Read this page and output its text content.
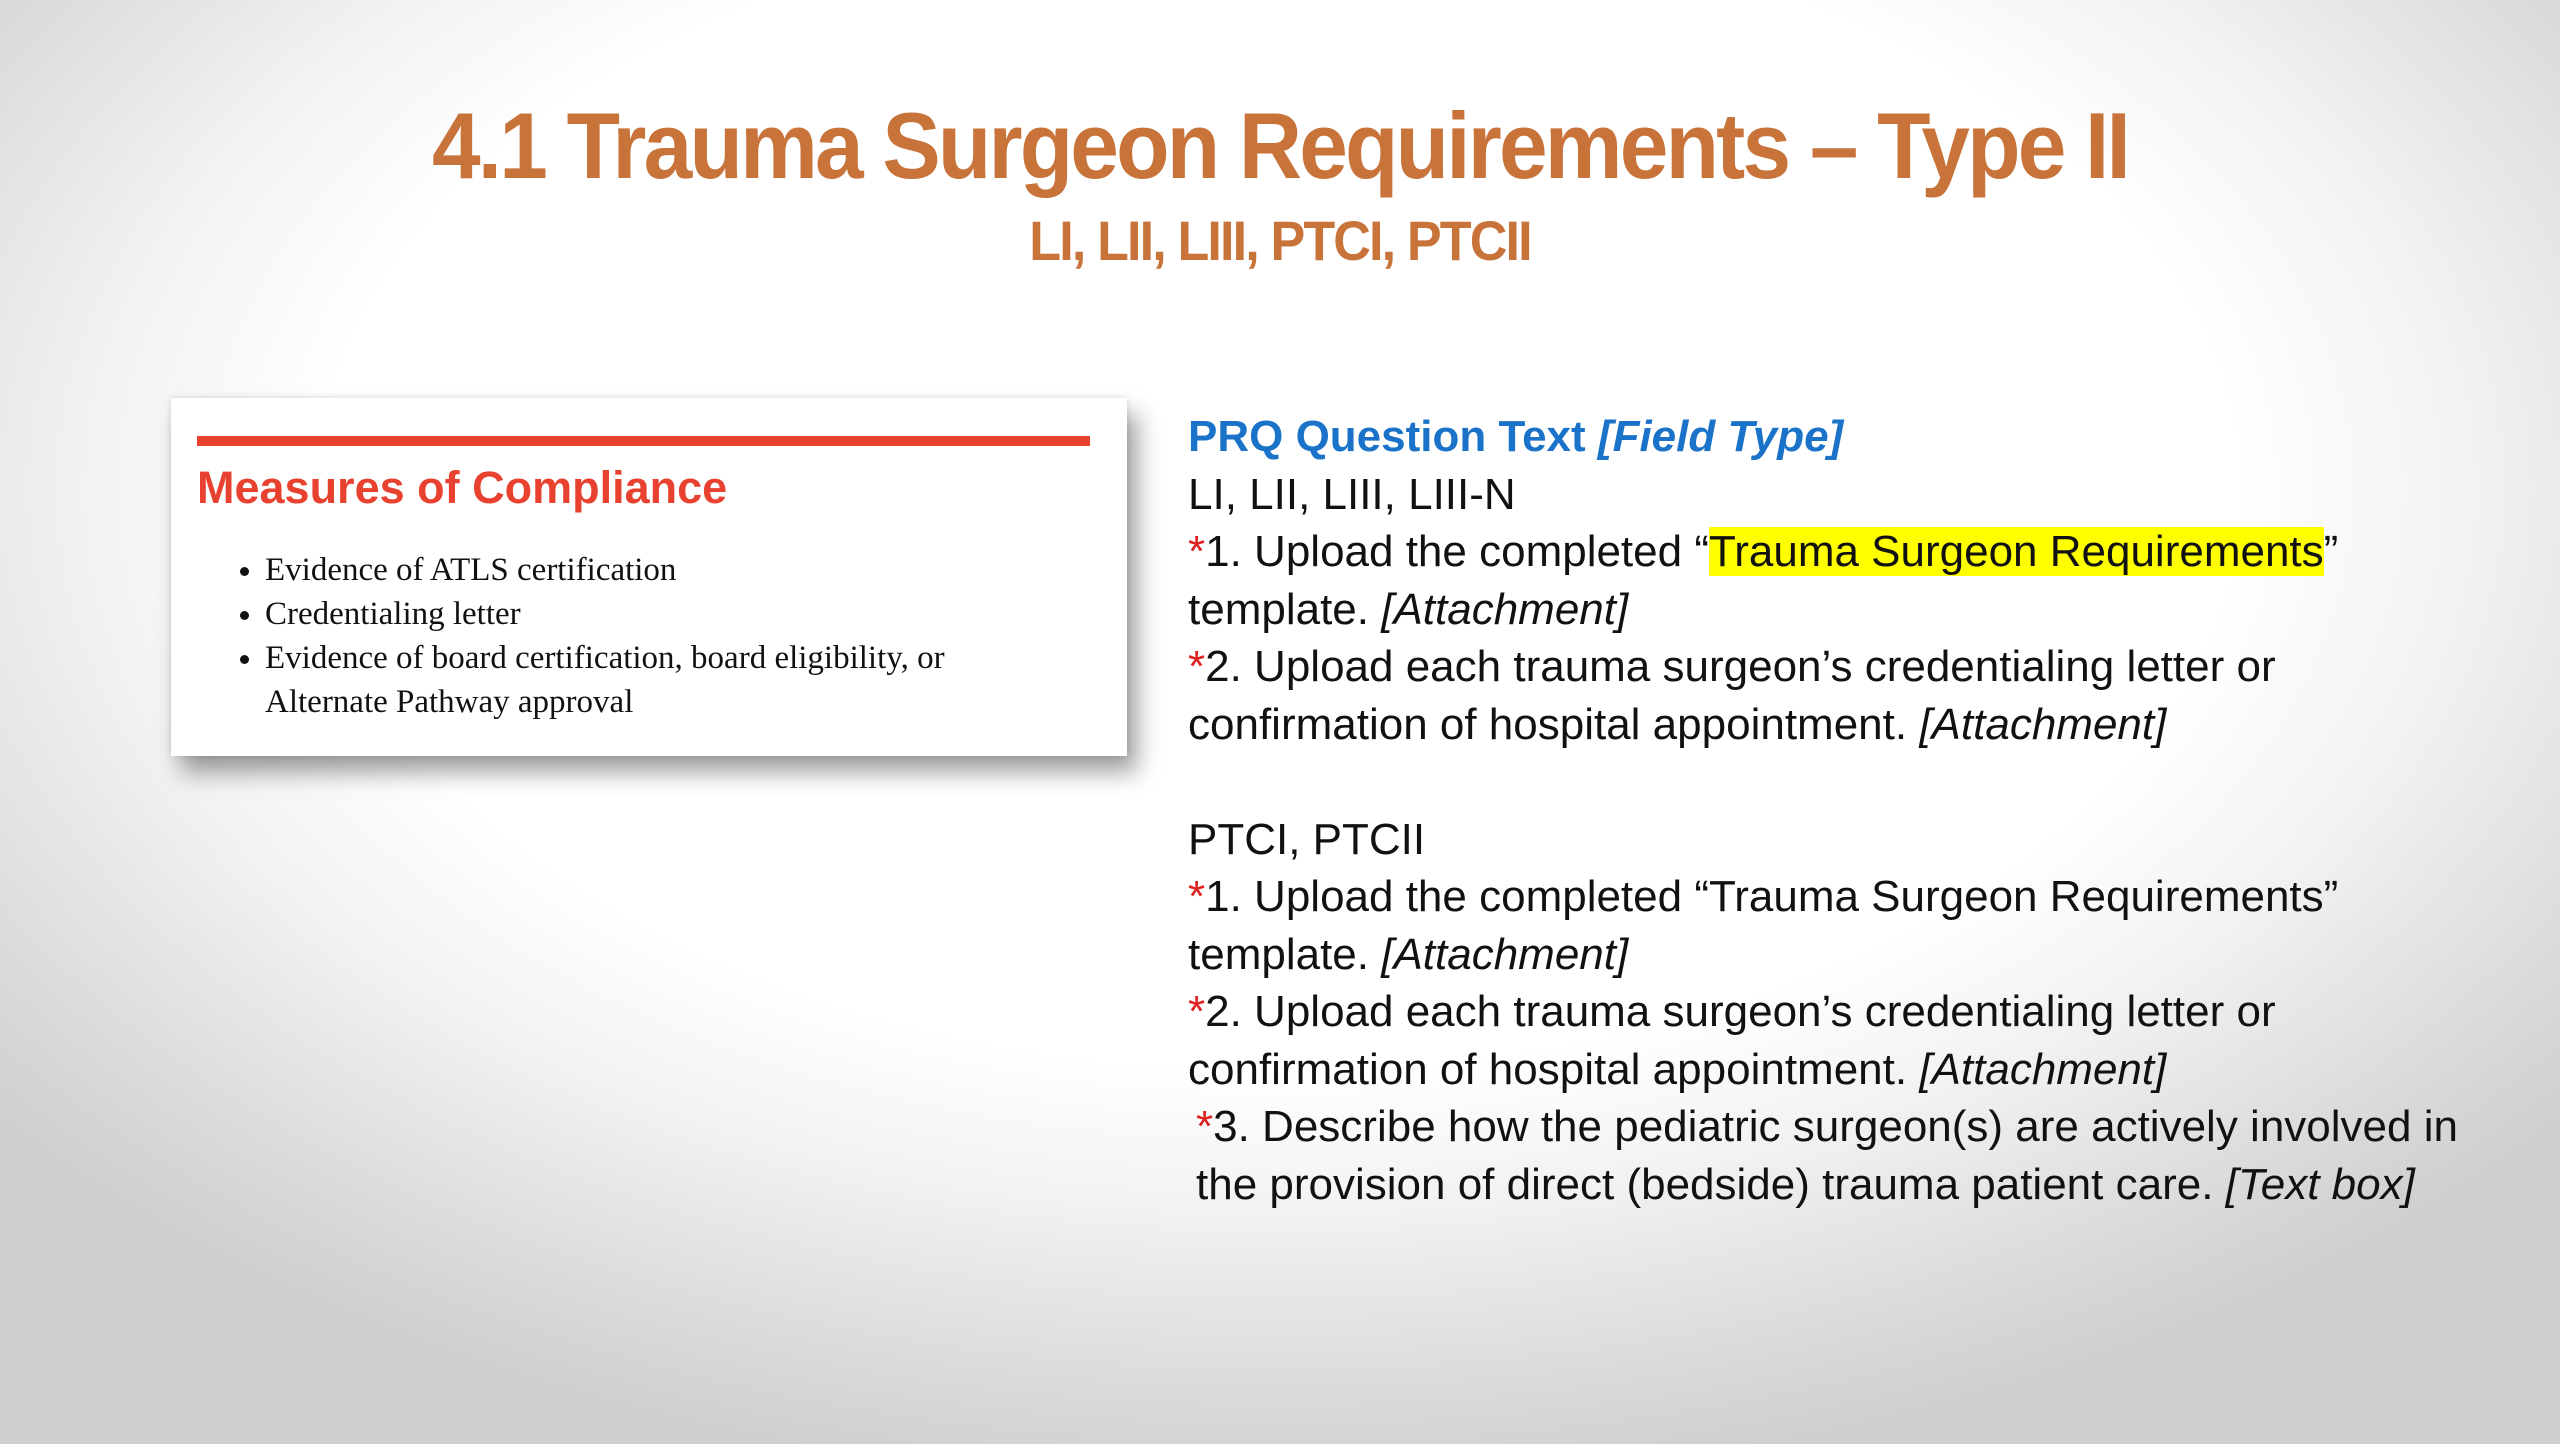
4.1 Trauma Surgeon Requirements – Type II
LI, LII, LIII, PTCI, PTCII
Measures of Compliance
• Evidence of ATLS certification
• Credentialing letter
• Evidence of board certification, board eligibility, or Alternate Pathway approval

PRQ Question Text [Field Type]

LI, LII, LIII, LIII-N

*1. Upload the completed “Trauma Surgeon Requirements”
template. [Attachment]

*2. Upload each trauma surgeon’s credentialing letter or confirmation of hospital appointment. [Attachment]

PTCI, PTCII

*1. Upload the completed “Trauma Surgeon Requirements” template. [Attachment]

*2. Upload each trauma surgeon’s credentialing letter or confirmation of hospital appointment. [Attachment]

*3. Describe how the pediatric surgeon(s) are actively involved in the provision of direct (bedside) trauma patient care. [Text box]
